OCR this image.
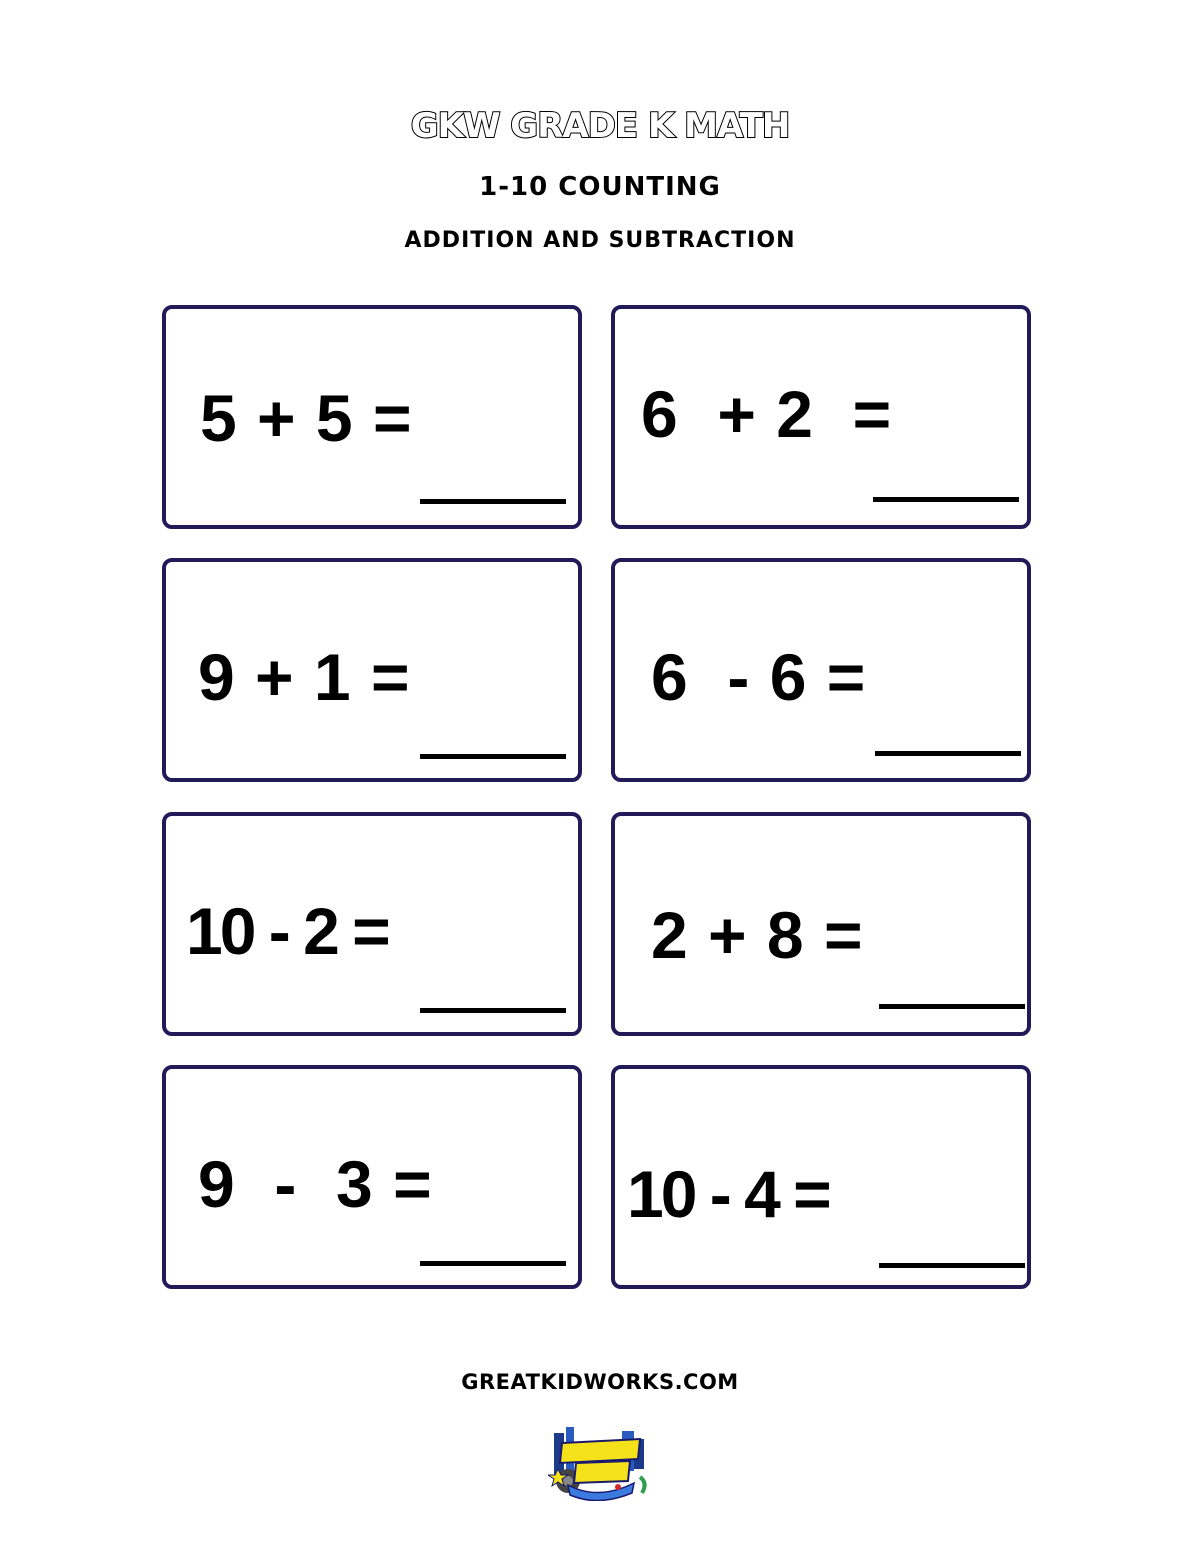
GKW GRADE K MATH
1-10 COUNTING
ADDITION AND SUBTRACTION
5 + 5 =	6  + 2  =
9 + 1 =	6  - 6 =
10 - 2 =	2 + 8 =
9  -  3 =	10 - 4 =
GREATKIDWORKS.COM
